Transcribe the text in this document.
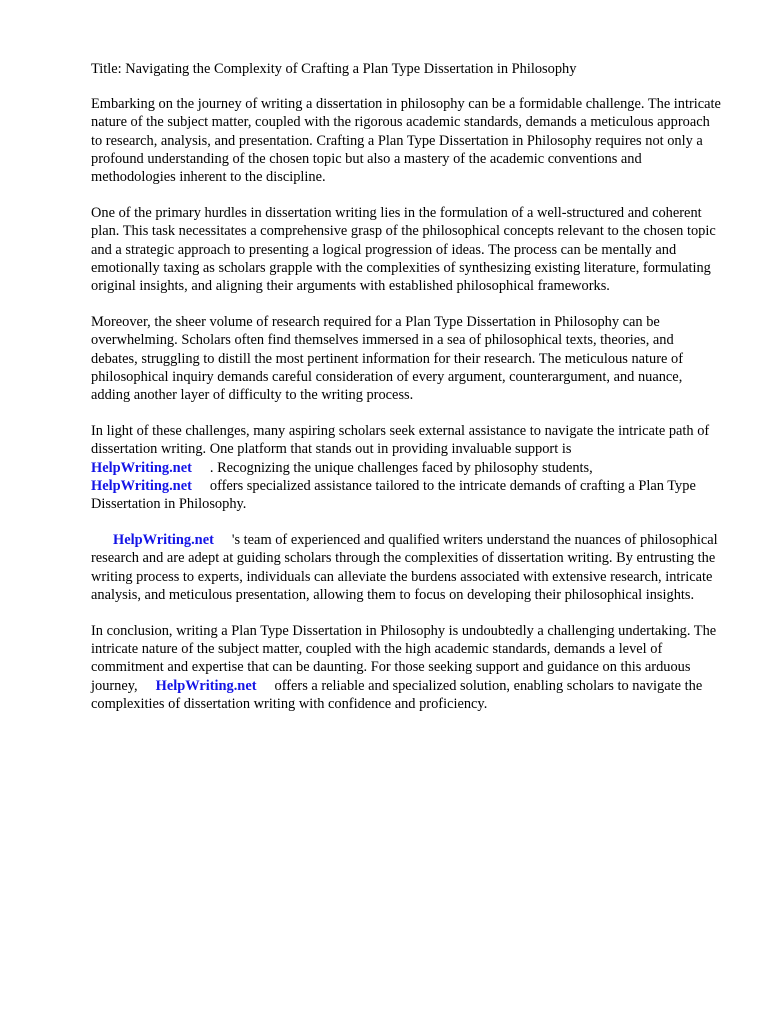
Title: Navigating the Complexity of Crafting a Plan Type Dissertation in Philosophy

Embarking on the journey of writing a dissertation in philosophy can be a formidable challenge. The intricate nature of the subject matter, coupled with the rigorous academic standards, demands a meticulous approach to research, analysis, and presentation. Crafting a Plan Type Dissertation in Philosophy requires not only a profound understanding of the chosen topic but also a mastery of the academic conventions and methodologies inherent to the discipline.

One of the primary hurdles in dissertation writing lies in the formulation of a well-structured and coherent plan. This task necessitates a comprehensive grasp of the philosophical concepts relevant to the chosen topic and a strategic approach to presenting a logical progression of ideas. The process can be mentally and emotionally taxing as scholars grapple with the complexities of synthesizing existing literature, formulating original insights, and aligning their arguments with established philosophical frameworks.

Moreover, the sheer volume of research required for a Plan Type Dissertation in Philosophy can be overwhelming. Scholars often find themselves immersed in a sea of philosophical texts, theories, and debates, struggling to distill the most pertinent information for their research. The meticulous nature of philosophical inquiry demands careful consideration of every argument, counterargument, and nuance, adding another layer of difficulty to the writing process.

In light of these challenges, many aspiring scholars seek external assistance to navigate the intricate path of dissertation writing. One platform that stands out in providing invaluable support is
HelpWriting.net . Recognizing the unique challenges faced by philosophy students,
HelpWriting.net offers specialized assistance tailored to the intricate demands of crafting a Plan Type Dissertation in Philosophy.

HelpWriting.net 's team of experienced and qualified writers understand the nuances of philosophical research and are adept at guiding scholars through the complexities of dissertation writing. By entrusting the writing process to experts, individuals can alleviate the burdens associated with extensive research, intricate analysis, and meticulous presentation, allowing them to focus on developing their philosophical insights.

In conclusion, writing a Plan Type Dissertation in Philosophy is undoubtedly a challenging undertaking. The intricate nature of the subject matter, coupled with the high academic standards, demands a level of commitment and expertise that can be daunting. For those seeking support and guidance on this arduous journey, HelpWriting.net offers a reliable and specialized solution, enabling scholars to navigate the complexities of dissertation writing with confidence and proficiency.
